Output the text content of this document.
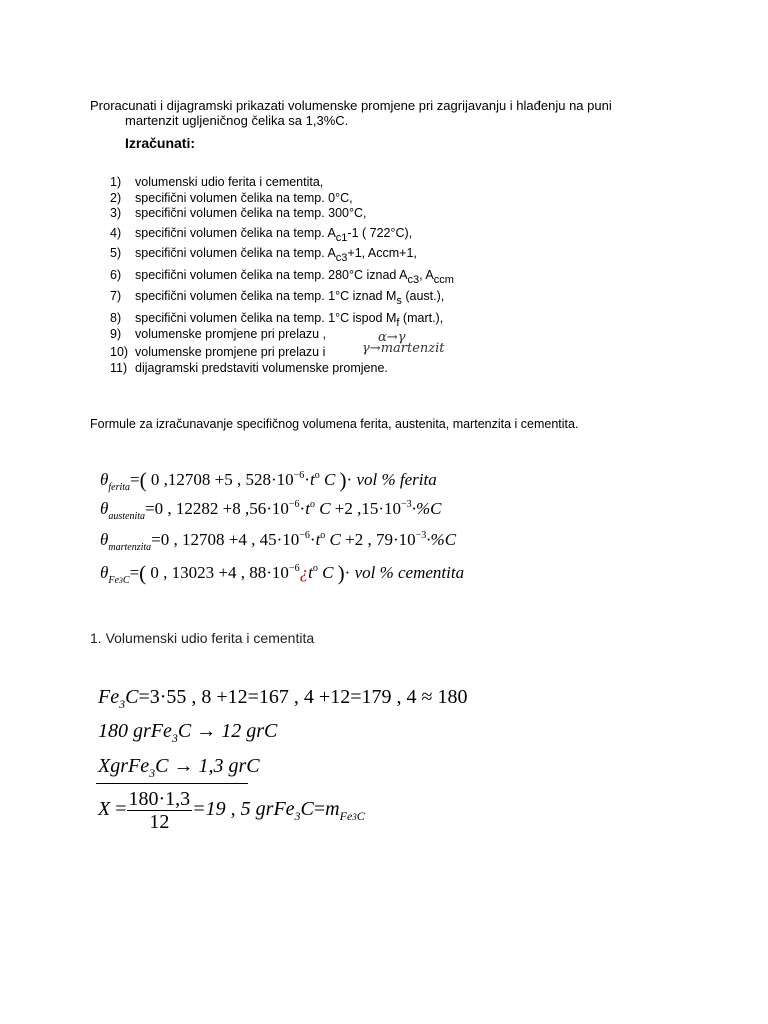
Proracunati i dijagramski prikazati volumenske promjene pri zagrijavanju i hlađenju na puni
martenzit ugljeničnog čelika sa 1,3%C.
Izračunati:
1) volumenski udio ferita i cementita,
2) specifični volumen čelika na temp. 0°C,
3) specifični volumen čelika na temp. 300°C,
4) specifični volumen čelika na temp. $A_{c1}-1$ ( 722°C),
5) specifični volumen čelika na temp. $A_{c3}+1$, Accm+1,
6) specifični volumen čelika na temp. 280°C iznad $A_{c3}$, $A_{ccm}$
7) specifični volumen čelika na temp. 1°C iznad $M_s$ (aust.),
8) specifični volumen čelika na temp. 1°C ispod $M_f$ (mart.),
9) volumenske promjene pri prelazu ,
10) volumenske promjene pri prelazu i
11) dijagramski predstaviti volumenske promjene.
α→γ
γ→martenzit
Formule za izračunavanje specifičnog volumena ferita, austenita, martenzita i cementita.
$\theta_{ferita}=$( 0 ,12708 +5 , $528\cdot 10^{-6}\cdot t^o$ C )· vol % ferita
$\theta_{austenita}=0$ , 12282 +8 $,56\cdot 10^{-6}\cdot t^o$ C +2 $,15\cdot 10^{-3}\cdot\%C$
$\theta_{martenzita}=0$ , 12708 +4 , $45\cdot 10^{-6}\cdot t^o$ C +2 , $79\cdot 10^{-3}\cdot\%C$
$\theta_{Fe3C}=$( 0 , 13023 +4 , $88\cdot 10^{-6}¿t^o$ C )· vol % cementita
1. Volumenski udio ferita i cementita
$Fe_3C=3\cdot 55$ , 8 +12=167 , 4 +12=179 , 4 ≈ 180
180 grFe$_3$C → 12 grC
XgrFe$_3$C → 1,3 grC
$X = \frac{180\cdot 1,3}{12} =19$ , 5 $grFe_3C=m_{Fe3C}$
